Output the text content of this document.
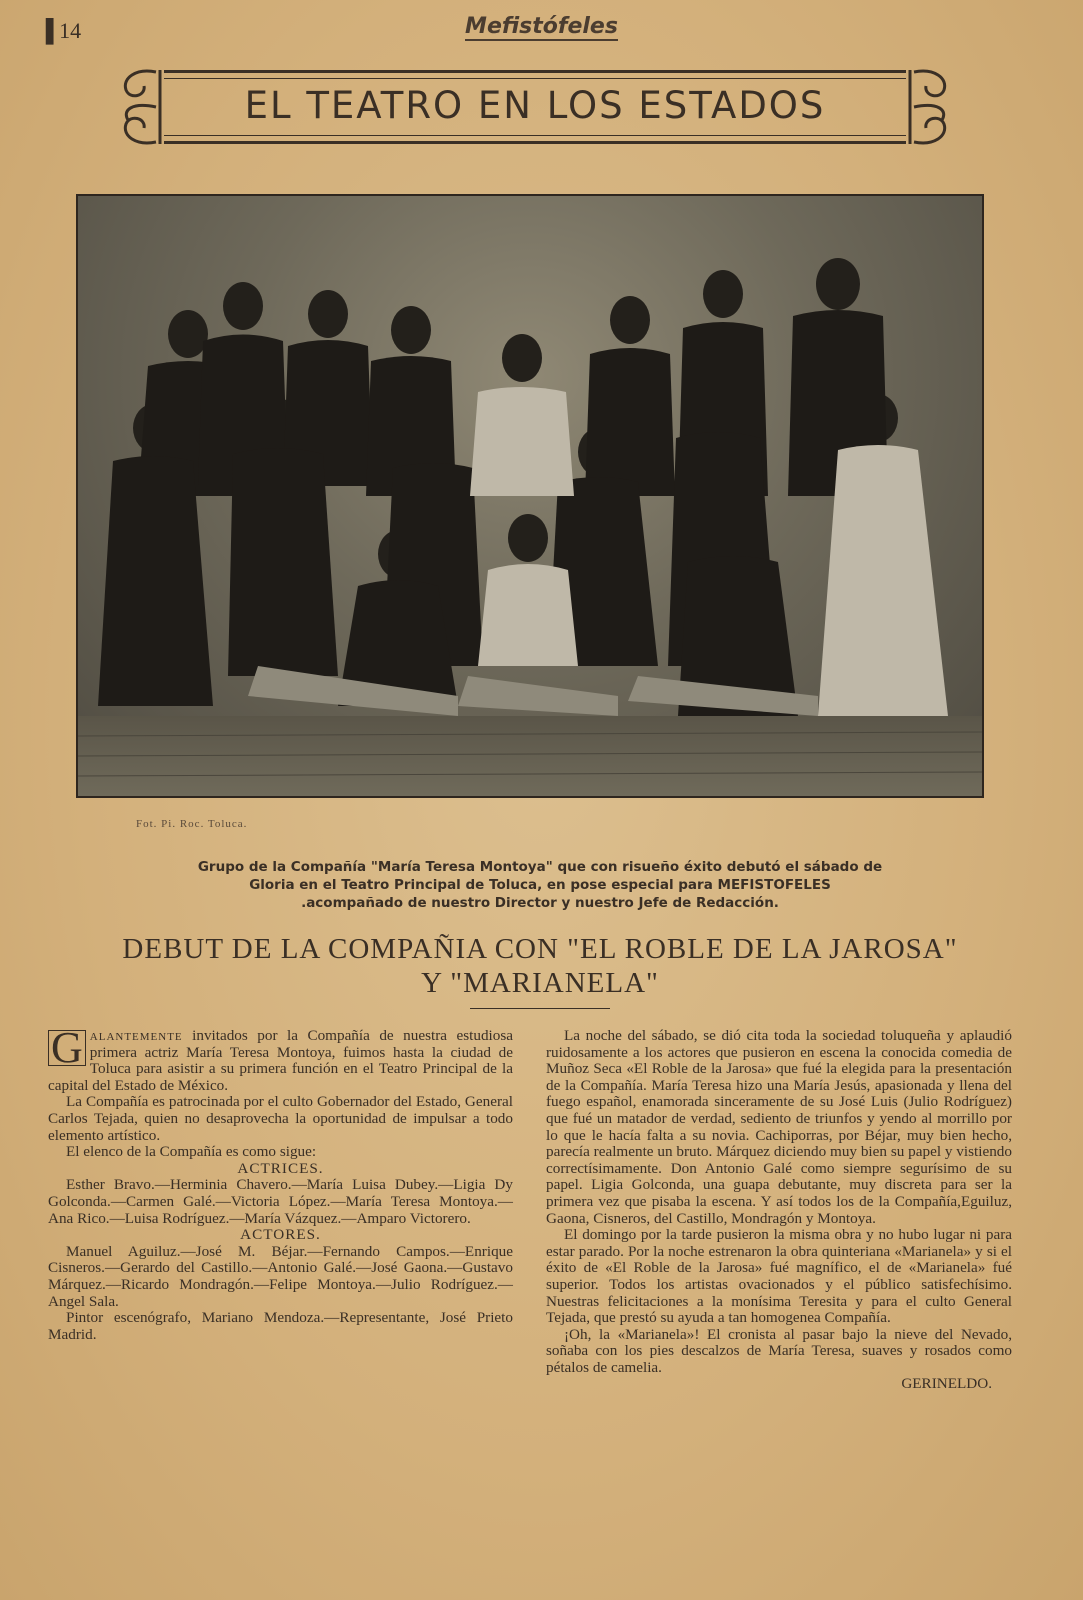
▐ 14	Mefistófeles
EL TEATRO EN LOS ESTADOS
Fot. Pi. Roc. Toluca.
Grupo de la Compañía "María Teresa Montoya" que con risueño éxito debutó el sábado de
Gloria en el Teatro Principal de Toluca, en pose especial para MEFISTOFELES
.acompañado de nuestro Director y nuestro Jefe de Redacción.
DEBUT DE LA COMPAÑIA CON "EL ROBLE DE LA JAROSA"
Y "MARIANELA"

G alantemente invitados por la Compañía de nuestra estudiosa primera actriz María Teresa Montoya, fuimos hasta la ciudad de Toluca para asistir a su primera función en el Teatro Principal de la capital del Estado de México.

La Compañía es patrocinada por el culto Gobernador del Estado, General Carlos Tejada, quien no desaprovecha la oportunidad de impulsar a todo elemento artístico.

El elenco de la Compañía es como sigue:

ACTRICES.

Esther Bravo.—Herminia Chavero.—María Luisa Dubey.—Ligia Dy Golconda.—Carmen Galé.—Victoria López.—María Teresa Montoya.—Ana Rico.—Luisa Rodríguez.—María Vázquez.—Amparo Victorero.

ACTORES.

Manuel Aguiluz.—José M. Béjar.—Fernando Campos.—Enrique Cisneros.—Gerardo del Castillo.—Antonio Galé.—José Gaona.—Gustavo Márquez.—Ricardo Mondragón.—Felipe Montoya.—Julio Rodríguez.—Angel Sala.

Pintor escenógrafo, Mariano Mendoza.—Representante, José Prieto Madrid.

La noche del sábado, se dió cita toda la sociedad toluqueña y aplaudió ruidosamente a los actores que pusieron en escena la conocida comedia de Muñoz Seca «El Roble de la Jarosa» que fué la elegida para la presentación de la Compañía. María Teresa hizo una María Jesús, apasionada y llena del fuego español, enamorada sinceramente de su José Luis (Julio Rodríguez) que fué un matador de verdad, sediento de triunfos y yendo al morrillo por lo que le hacía falta a su novia. Cachiporras, por Béjar, muy bien hecho, parecía realmente un bruto. Márquez diciendo muy bien su papel y vistiendo correctísimamente. Don Antonio Galé como siempre segurísimo de su papel. Ligia Golconda, una guapa debutante, muy discreta para ser la primera vez que pisaba la escena. Y así todos los de la Compañía,Eguiluz, Gaona, Cisneros, del Castillo, Mondragón y Montoya.

El domingo por la tarde pusieron la misma obra y no hubo lugar ni para estar parado. Por la noche estrenaron la obra quinteriana «Marianela» y si el éxito de «El Roble de la Jarosa» fué magnífico, el de «Marianela» fué superior. Todos los artistas ovacionados y el público satisfechísimo. Nuestras felicitaciones a la monísima Teresita y para el culto General Tejada, que prestó su ayuda a tan homogenea Compañía.

¡Oh, la «Marianela»! El cronista al pasar bajo la nieve del Nevado, soñaba con los pies descalzos de María Teresa, suaves y rosados como pétalos de camelia.

GERINELDO.
